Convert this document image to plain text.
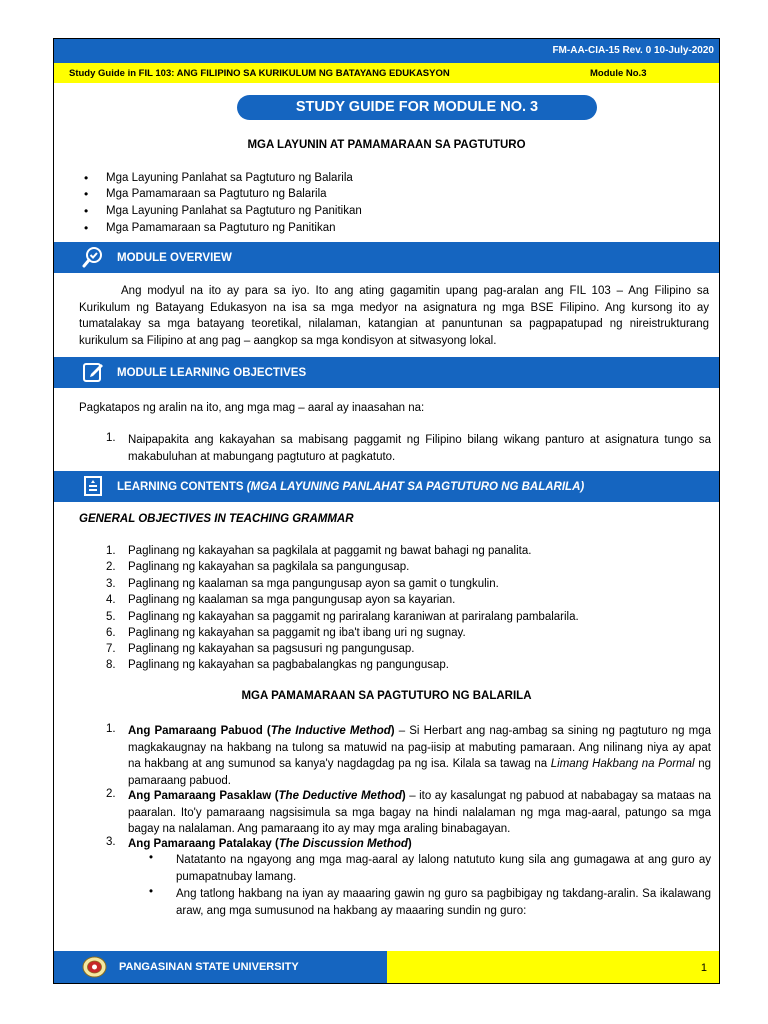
FM-AA-CIA-15 Rev. 0 10-July-2020
Study Guide in FIL 103: ANG FILIPINO SA KURIKULUM NG BATAYANG EDUKASYON	Module No.3
STUDY GUIDE FOR MODULE NO. 3
MGA LAYUNIN AT PAMAMARAAN SA PAGTUTURO
• Mga Layuning Panlahat sa Pagtuturo ng Balarila
• Mga Pamamaraan sa Pagtuturo ng Balarila
• Mga Layuning Panlahat sa Pagtuturo ng Panitikan
• Mga Pamamaraan sa Pagtuturo ng Panitikan
MODULE OVERVIEW
Ang modyul na ito ay para sa iyo. Ito ang ating gagamitin upang pag-aralan ang FIL 103 – Ang Filipino sa Kurikulum ng Batayang Edukasyon na isa sa mga medyor na asignatura ng mga BSE Filipino. Ang kursong ito ay tumatalakay sa mga batayang teoretikal, nilalaman, katangian at panuntunan sa pagpapatupad ng nireistrukturang kurikulum sa Filipino at ang pag – aangkop sa mga kondisyon at sitwasyong lokal.
MODULE LEARNING OBJECTIVES
Pagkatapos ng aralin na ito, ang mga mag – aaral ay inaasahan na:
1. Naipapakita ang kakayahan sa mabisang paggamit ng Filipino bilang wikang panturo at asignatura tungo sa makabuluhan at mabungang pagtuturo at pagkatuto.
LEARNING CONTENTS (MGA LAYUNING PANLAHAT SA PAGTUTURO NG BALARILA)
GENERAL OBJECTIVES IN TEACHING GRAMMAR
1. Paglinang ng kakayahan sa pagkilala at paggamit ng bawat bahagi ng panalita.
2. Paglinang ng kakayahan sa pagkilala sa pangungusap.
3. Paglinang ng kaalaman sa mga pangungusap ayon sa gamit o tungkulin.
4. Paglinang ng kaalaman sa mga pangungusap ayon sa kayarian.
5. Paglinang ng kakayahan sa paggamit ng pariralang karaniwan at pariralang pambalarila.
6. Paglinang ng kakayahan sa paggamit ng iba't ibang uri ng sugnay.
7. Paglinang ng kakayahan sa pagsusuri ng pangungusap.
8. Paglinang ng kakayahan sa pagbabalangkas ng pangungusap.
MGA PAMAMARAAN SA PAGTUTURO NG BALARILA
1. Ang Pamaraang Pabuod (The Inductive Method) – Si Herbart ang nag-ambag sa sining ng pagtuturo ng mga magkakaugnay na hakbang na tulong sa matuwid na pag-iisip at mabuting pamaraan. Ang nilinang niya ay apat na hakbang at ang sumunod sa kanya'y nagdagdag pa ng isa. Kilala sa tawag na Limang Hakbang na Pormal ng pamaraang pabuod.
2. Ang Pamaraang Pasaklaw (The Deductive Method) – ito ay kasalungat ng pabuod at nababagay sa mataas na paaralan. Ito'y pamaraang nagsisimula sa mga bagay na hindi nalalaman ng mga mag-aaral, patungo sa mga bagay na nalalaman. Ang pamaraang ito ay may mga araling binabagayan.
3. Ang Pamaraang Patalakay (The Discussion Method)
• Natatanto na ngayong ang mga mag-aaral ay lalong natututo kung sila ang gumagawa at ang guro ay pumapatnubay lamang.
• Ang tatlong hakbang na iyan ay maaaring gawin ng guro sa pagbibigay ng takdang-aralin. Sa ikalawang araw, ang mga sumusunod na hakbang ay maaaring sundin ng guro:
PANGASINAN STATE UNIVERSITY	1
